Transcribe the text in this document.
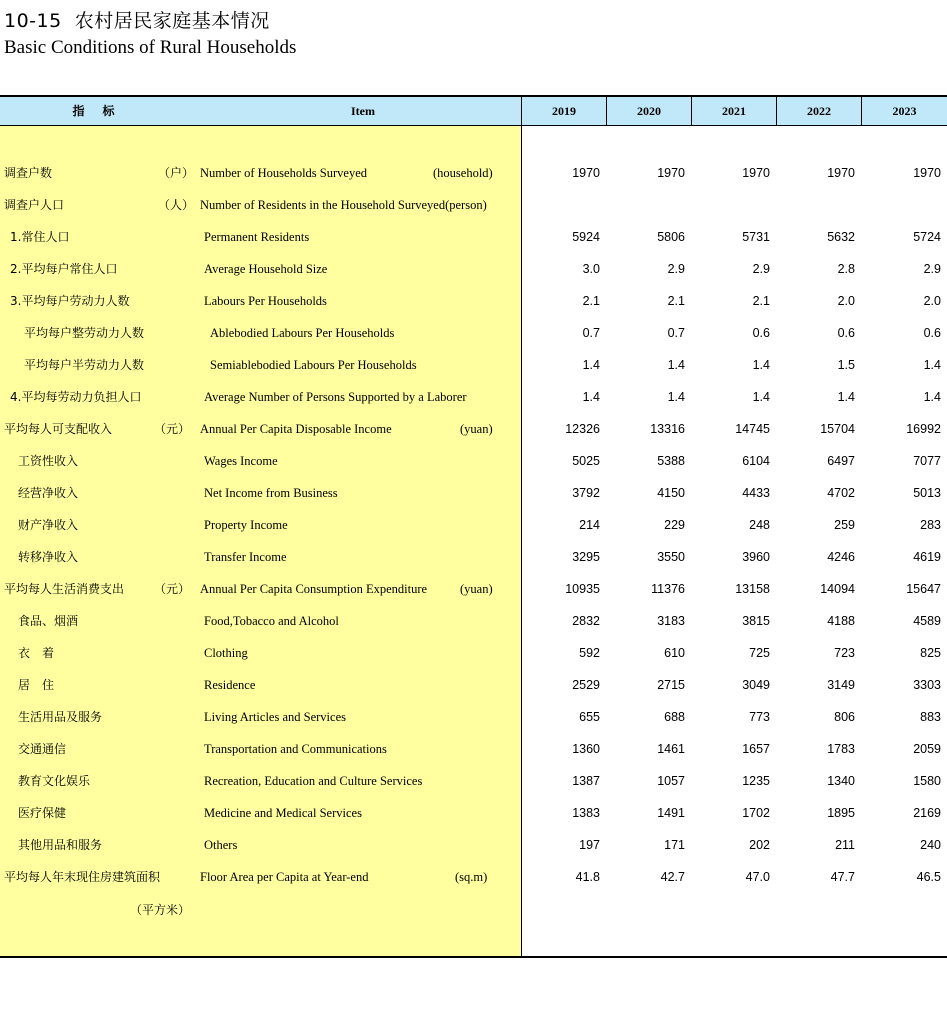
10-15  农村居民家庭基本情况
Basic Conditions of Rural Households
指标	Item	2019	2020	2021	2022	2023
调查户数	（户） Number of Households Surveyed	(household)	1970	1970	1970	1970	1970
调查户人口	（人） Number of Residents in the Household Surveyed(person)
1.常住人口	Permanent Residents	5924	5806	5731	5632	5724
2.平均每户常住人口	Average Household Size	3.0	2.9	2.9	2.8	2.9
3.平均每户劳动力人数	Labours Per Households	2.1	2.1	2.1	2.0	2.0
平均每户整劳动力人数	Ablebodied Labours Per Households	0.7	0.7	0.6	0.6	0.6
平均每户半劳动力人数	Semiablebodied Labours Per Households	1.4	1.4	1.4	1.5	1.4
4.平均每劳动力负担人口	Average Number of Persons Supported by a Laborer	1.4	1.4	1.4	1.4	1.4
平均每人可支配收入	（元） Annual Per Capita Disposable Income	(yuan)	12326	13316	14745	15704	16992
工资性收入	Wages Income	5025	5388	6104	6497	7077
经营净收入	Net Income from Business	3792	4150	4433	4702	5013
财产净收入	Property Income	214	229	248	259	283
转移净收入	Transfer Income	3295	3550	3960	4246	4619
平均每人生活消费支出 （元） Annual Per Capita Consumption Expenditure	(yuan)	10935	11376	13158	14094	15647
食品、烟酒	Food,Tobacco and Alcohol	2832	3183	3815	4188	4589
衣　着	Clothing	592	610	725	723	825
居　住	Residence	2529	2715	3049	3149	3303
生活用品及服务	Living Articles and Services	655	688	773	806	883
交通通信	Transportation and Communications	1360	1461	1657	1783	2059
教育文化娱乐	Recreation, Education and Culture Services	1387	1057	1235	1340	1580
医疗保健	Medicine and Medical Services	1383	1491	1702	1895	2169
其他用品和服务	Others	197	171	202	211	240
平均每人年末现住房建筑面积	Floor Area per Capita at Year-end	(sq.m)	41.8	42.7	47.0	47.7	46.5
（平方米）
